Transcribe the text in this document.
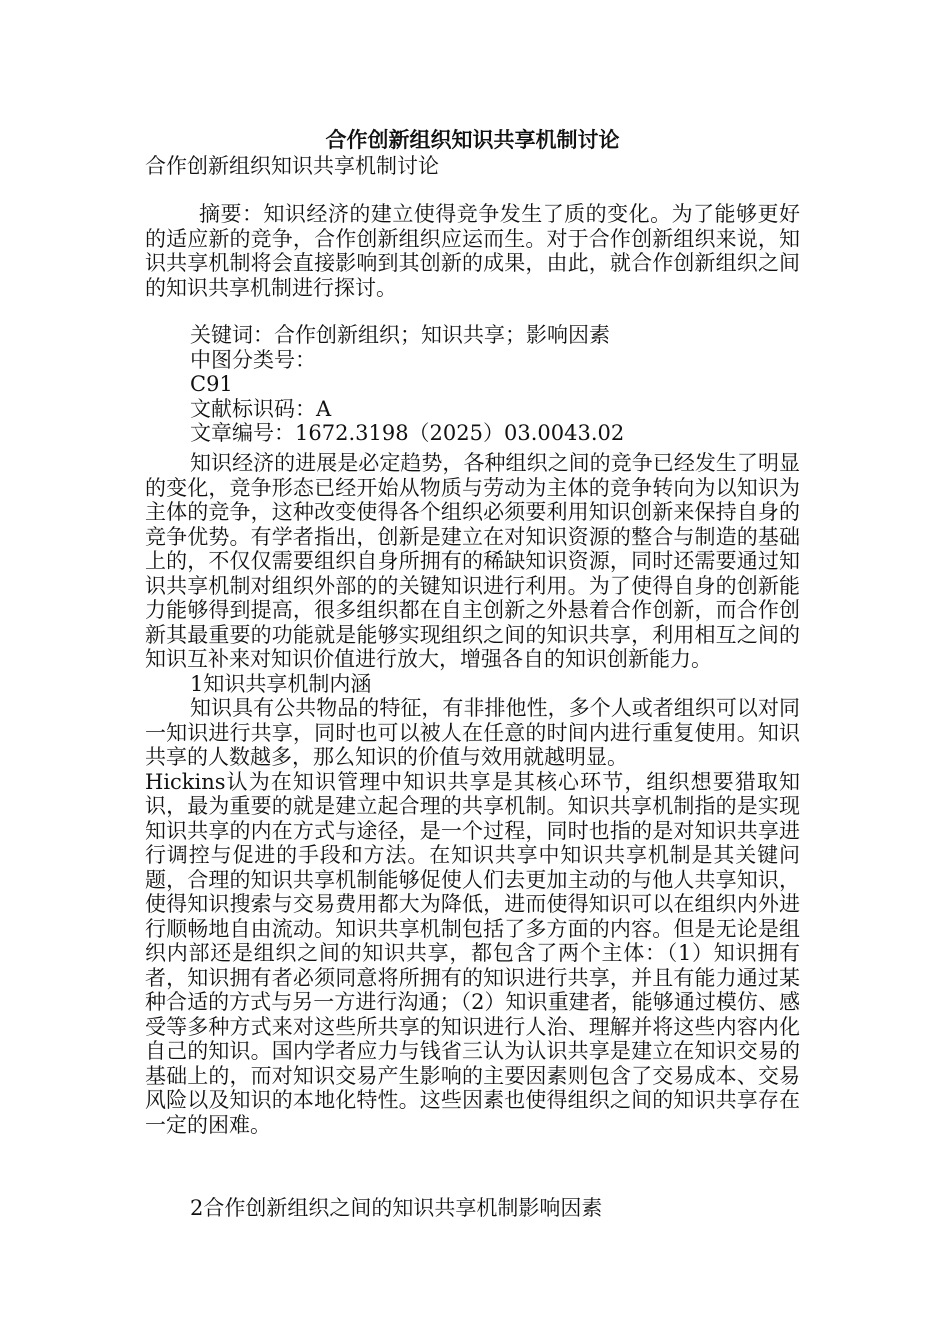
合作创新组织知识共享机制讨论
合作创新组织知识共享机制讨论
摘要：知识经济的建立使得竞争发生了质的变化。为了能够更好的适应新的竞争，合作创新组织应运而生。对于合作创新组织来说，知识共享机制将会直接影响到其创新的成果，由此，就合作创新组织之间的知识共享机制进行探讨。
关键词：合作创新组织；知识共享；影响因素
中图分类号：
C91
文献标识码：A
文章编号：1672.3198（2025）03.0043.02

知识经济的进展是必定趋势，各种组织之间的竞争已经发生了明显的变化，竞争形态已经开始从物质与劳动为主体的竞争转向为以知识为主体的竞争，这种改变使得各个组织必须要利用知识创新来保持自身的竞争优势。有学者指出，创新是建立在对知识资源的整合与制造的基础上的，不仅仅需要组织自身所拥有的稀缺知识资源，同时还需要通过知识共享机制对组织外部的的关键知识进行利用。为了使得自身的创新能力能够得到提高，很多组织都在自主创新之外悬着合作创新，而合作创新其最重要的功能就是能够实现组织之间的知识共享，利用相互之间的知识互补来对知识价值进行放大，增强各自的知识创新能力。

1知识共享机制内涵

知识具有公共物品的特征，有非排他性，多个人或者组织可以对同一知识进行共享，同时也可以被人在任意的时间内进行重复使用。知识共享的人数越多，那么知识的价值与效用就越明显。

Hickins认为在知识管理中知识共享是其核心环节，组织想要猎取知识，最为重要的就是建立起合理的共享机制。知识共享机制指的是实现知识共享的内在方式与途径，是一个过程，同时也指的是对知识共享进行调控与促进的手段和方法。在知识共享中知识共享机制是其关键问题，合理的知识共享机制能够促使人们去更加主动的与他人共享知识，使得知识搜索与交易费用都大为降低，进而使得知识可以在组织内外进行顺畅地自由流动。知识共享机制包括了多方面的内容。但是无论是组织内部还是组织之间的知识共享，都包含了两个主体：（1）知识拥有者，知识拥有者必须同意将所拥有的知识进行共享，并且有能力通过某种合适的方式与另一方进行沟通；（2）知识重建者，能够通过模仿、感受等多种方式来对这些所共享的知识进行人治、理解并将这些内容内化自己的知识。国内学者应力与钱省三认为认识共享是建立在知识交易的基础上的，而对知识交易产生影响的主要因素则包含了交易成本、交易风险以及知识的本地化特性。这些因素也使得组织之间的知识共享存在一定的困难。

2合作创新组织之间的知识共享机制影响因素
